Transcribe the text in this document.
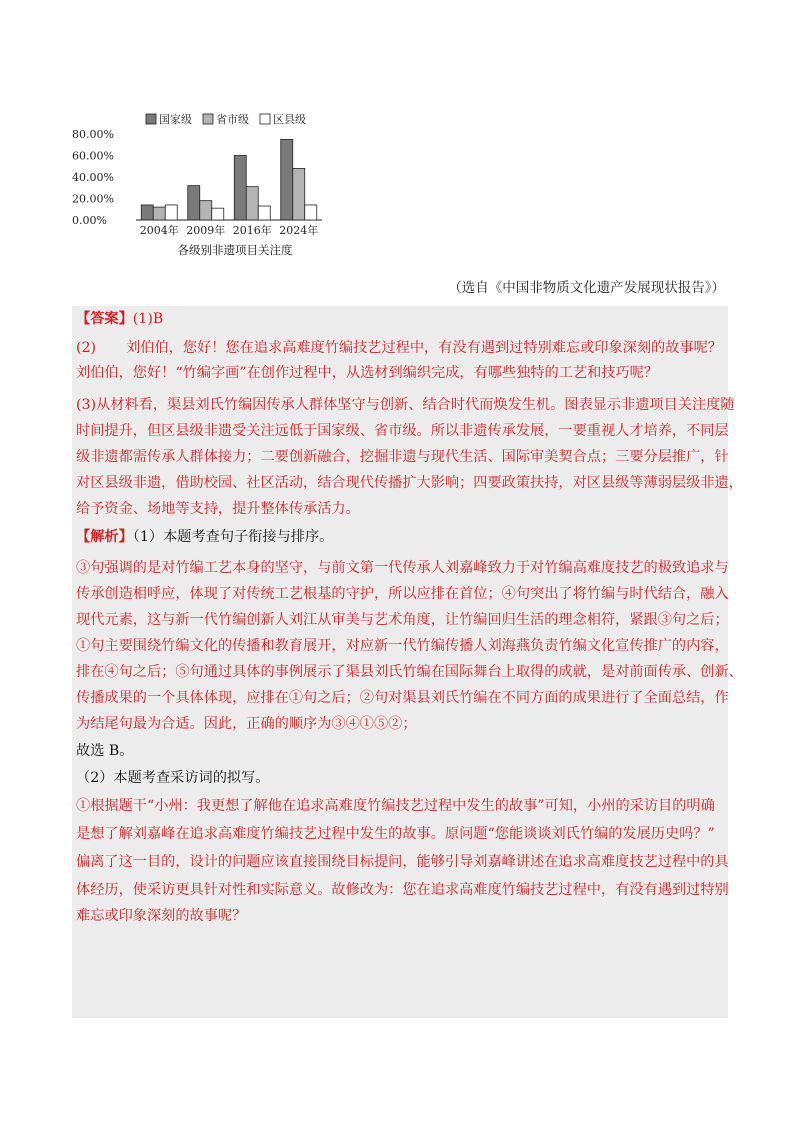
0.00%
20.00%
40.00%
60.00%
80.00%
2004年 2009年 2016年 2024年
国家级 省市级 区县级
各级别非遗项目关注度
（选自《中国非物质文化遗产发展现状报告》）
【答案】(1)B
(2) 刘伯伯，您好！您在追求高难度竹编技艺过程中，有没有遇到过特别难忘或印象深刻的故事呢？
刘伯伯，您好！“竹编字画”在创作过程中，从选材到编织完成，有哪些独特的工艺和技巧呢？
(3)从材料看，渠县刘氏竹编因传承人群体坚守与创新、结合时代而焕发生机。图表显示非遗项目关注度随
时间提升，但区县级非遗受关注远低于国家级、省市级。所以非遗传承发展，一要重视人才培养，不同层
级非遗都需传承人群体接力；二要创新融合，挖掘非遗与现代生活、国际审美契合点；三要分层推广，针
对区县级非遗，借助校园、社区活动，结合现代传播扩大影响；四要政策扶持，对区县级等薄弱层级非遗，
给予资金、场地等支持，提升整体传承活力。
【解析】（1）本题考查句子衔接与排序。
③句强调的是对竹编工艺本身的坚守，与前文第一代传承人刘嘉峰致力于对竹编高难度技艺的极致追求与
传承创造相呼应，体现了对传统工艺根基的守护，所以应排在首位；④句突出了将竹编与时代结合，融入
现代元素，这与新一代竹编创新人刘江从审美与艺术角度，让竹编回归生活的理念相符，紧跟③句之后；
①句主要围绕竹编文化的传播和教育展开，对应新一代竹编传播人刘海燕负责竹编文化宣传推广的内容，
排在④句之后；⑤句通过具体的事例展示了渠县刘氏竹编在国际舞台上取得的成就，是对前面传承、创新、
传播成果的一个具体体现，应排在①句之后；②句对渠县刘氏竹编在不同方面的成果进行了全面总结，作
为结尾句最为合适。因此，正确的顺序为③④①⑤②；
故选 B。
（2）本题考查采访词的拟写。
①根据题干“小州：我更想了解他在追求高难度竹编技艺过程中发生的故事”可知，小州的采访目的明确
是想了解刘嘉峰在追求高难度竹编技艺过程中发生的故事。原问题“您能谈谈刘氏竹编的发展历史吗？”
偏离了这一目的，设计的问题应该直接围绕目标提问，能够引导刘嘉峰讲述在追求高难度技艺过程中的具
体经历，使采访更具针对性和实际意义。故修改为：您在追求高难度竹编技艺过程中，有没有遇到过特别
难忘或印象深刻的故事呢？
